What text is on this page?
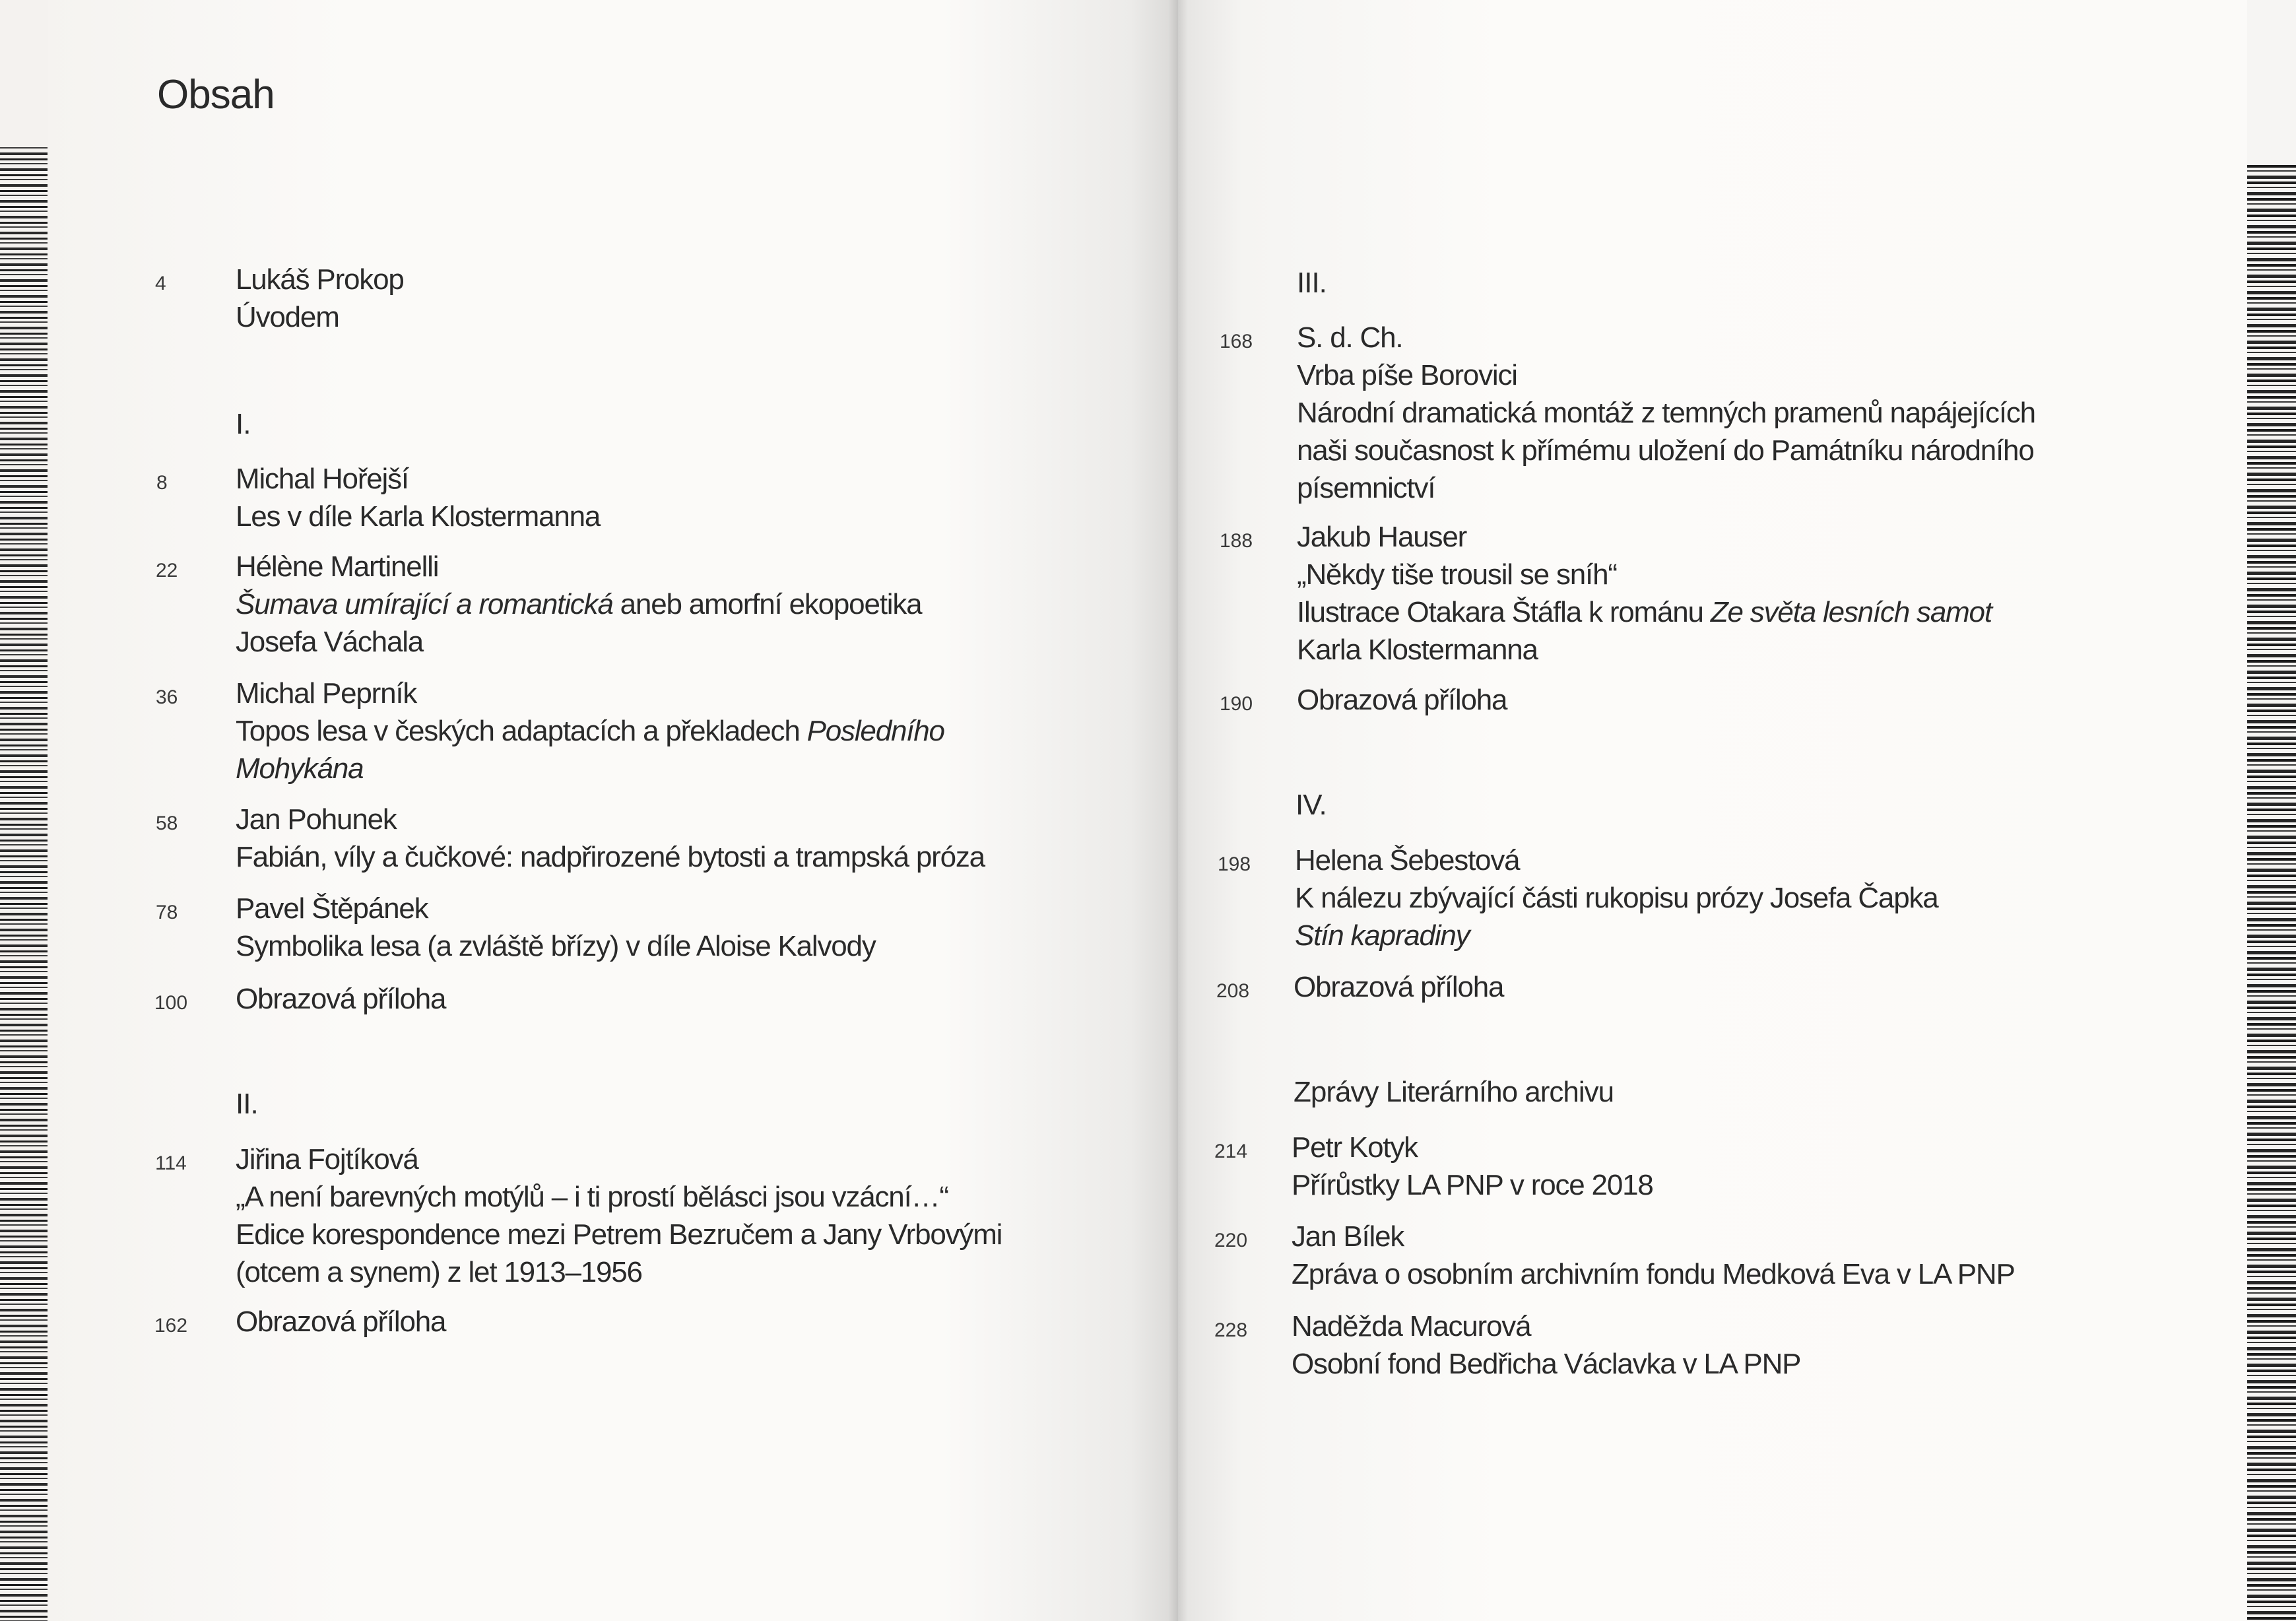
Obsah
4 Lukáš Prokop
Úvodem
I.
8 Michal Hořejší
Les v díle Karla Klostermanna
22 Hélène Martinelli
Šumava umírající a romantická aneb amorfní ekopoetika
Josefa Váchala
36 Michal Peprník
Topos lesa v českých adaptacích a překladech Posledního
Mohykána
58 Jan Pohunek
Fabián, víly a čučkové: nadpřirozené bytosti a trampská próza
78 Pavel Štěpánek
Symbolika lesa (a zvláště břízy) v díle Aloise Kalvody
100 Obrazová příloha
II.
114 Jiřina Fojtíková
„A není barevných motýlů – i ti prostí bělásci jsou vzácní…“
Edice korespondence mezi Petrem Bezručem a Jany Vrbovými
(otcem a synem) z let 1913–1956
162 Obrazová příloha
III.
168 S. d. Ch.
Vrba píše Borovici
Národní dramatická montáž z temných pramenů napájejících
naši současnost k přímému uložení do Památníku národního
písemnictví
188 Jakub Hauser
„Někdy tiše trousil se sníh“
Ilustrace Otakara Štáfla k románu Ze světa lesních samot
Karla Klostermanna
190 Obrazová příloha
IV.
198 Helena Šebestová
K nálezu zbývající části rukopisu prózy Josefa Čapka
Stín kapradiny
208 Obrazová příloha
Zprávy Literárního archivu
214 Petr Kotyk
Přírůstky LA PNP v roce 2018
220 Jan Bílek
Zpráva o osobním archivním fondu Medková Eva v LA PNP
228 Naděžda Macurová
Osobní fond Bedřicha Václavka v LA PNP
